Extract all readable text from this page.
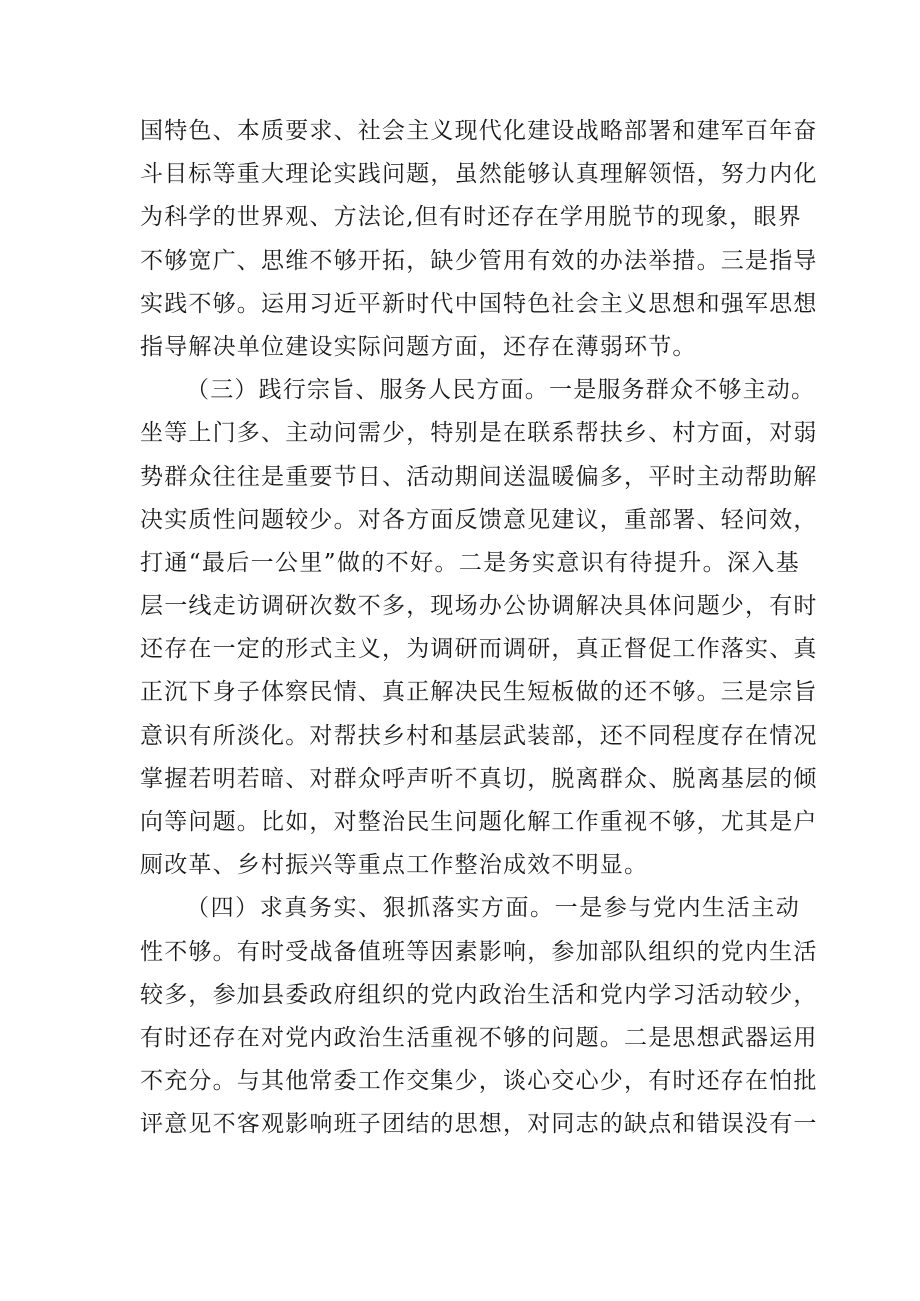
国特色、本质要求、社会主义现代化建设战略部署和建军百年奋
斗目标等重大理论实践问题，虽然能够认真理解领悟，努力内化
为科学的世界观、方法论,但有时还存在学用脱节的现象，眼界
不够宽广、思维不够开拓，缺少管用有效的办法举措。三是指导
实践不够。运用习近平新时代中国特色社会主义思想和强军思想
指导解决单位建设实际问题方面，还存在薄弱环节。
（三）践行宗旨、服务人民方面。一是服务群众不够主动。
坐等上门多、主动问需少，特别是在联系帮扶乡、村方面，对弱
势群众往往是重要节日、活动期间送温暖偏多，平时主动帮助解
决实质性问题较少。对各方面反馈意见建议，重部署、轻问效，
打通“最后一公里”做的不好。二是务实意识有待提升。深入基
层一线走访调研次数不多，现场办公协调解决具体问题少，有时
还存在一定的形式主义，为调研而调研，真正督促工作落实、真
正沉下身子体察民情、真正解决民生短板做的还不够。三是宗旨
意识有所淡化。对帮扶乡村和基层武装部，还不同程度存在情况
掌握若明若暗、对群众呼声听不真切，脱离群众、脱离基层的倾
向等问题。比如，对整治民生问题化解工作重视不够，尤其是户
厕改革、乡村振兴等重点工作整治成效不明显。
（四）求真务实、狠抓落实方面。一是参与党内生活主动
性不够。有时受战备值班等因素影响，参加部队组织的党内生活
较多，参加县委政府组织的党内政治生活和党内学习活动较少，
有时还存在对党内政治生活重视不够的问题。二是思想武器运用
不充分。与其他常委工作交集少，谈心交心少，有时还存在怕批
评意见不客观影响班子团结的思想，对同志的缺点和错误没有一
